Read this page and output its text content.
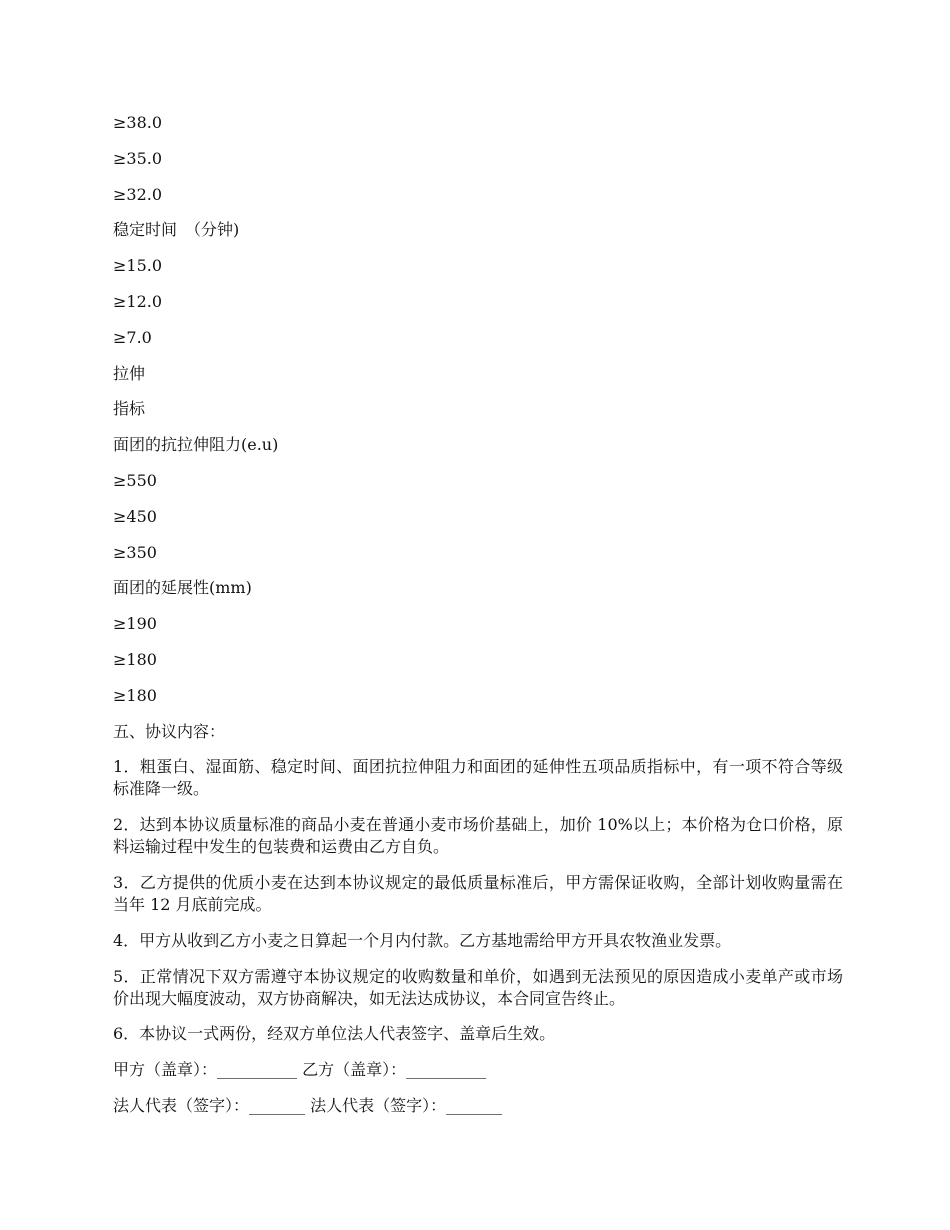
≥38.0
≥35.0
≥32.0
稳定时间　（分钟)
≥15.0
≥12.0
≥7.0
拉伸
指标
面团的抗拉伸阻力(e.u)
≥550
≥450
≥350
面团的延展性(mm)
≥190
≥180
≥180
五、协议内容：
1．粗蛋白、湿面筋、稳定时间、面团抗拉伸阻力和面团的延伸性五项品质指标中，有一项不符合等级标准降一级。
2．达到本协议质量标准的商品小麦在普通小麦市场价基础上，加价 10%以上；本价格为仓口价格，原料运输过程中发生的包装费和运费由乙方自负。
3．乙方提供的优质小麦在达到本协议规定的最低质量标准后，甲方需保证收购，全部计划收购量需在当年 12 月底前完成。
4．甲方从收到乙方小麦之日算起一个月内付款。乙方基地需给甲方开具农牧渔业发票。
5．正常情况下双方需遵守本协议规定的收购数量和单价，如遇到无法预见的原因造成小麦单产或市场价出现大幅度波动，双方协商解决，如无法达成协议，本合同宣告终止。
6．本协议一式两份，经双方单位法人代表签字、盖章后生效。
甲方（盖章）：__________ 乙方（盖章）：__________
法人代表（签字）：_______ 法人代表（签字）：_______
